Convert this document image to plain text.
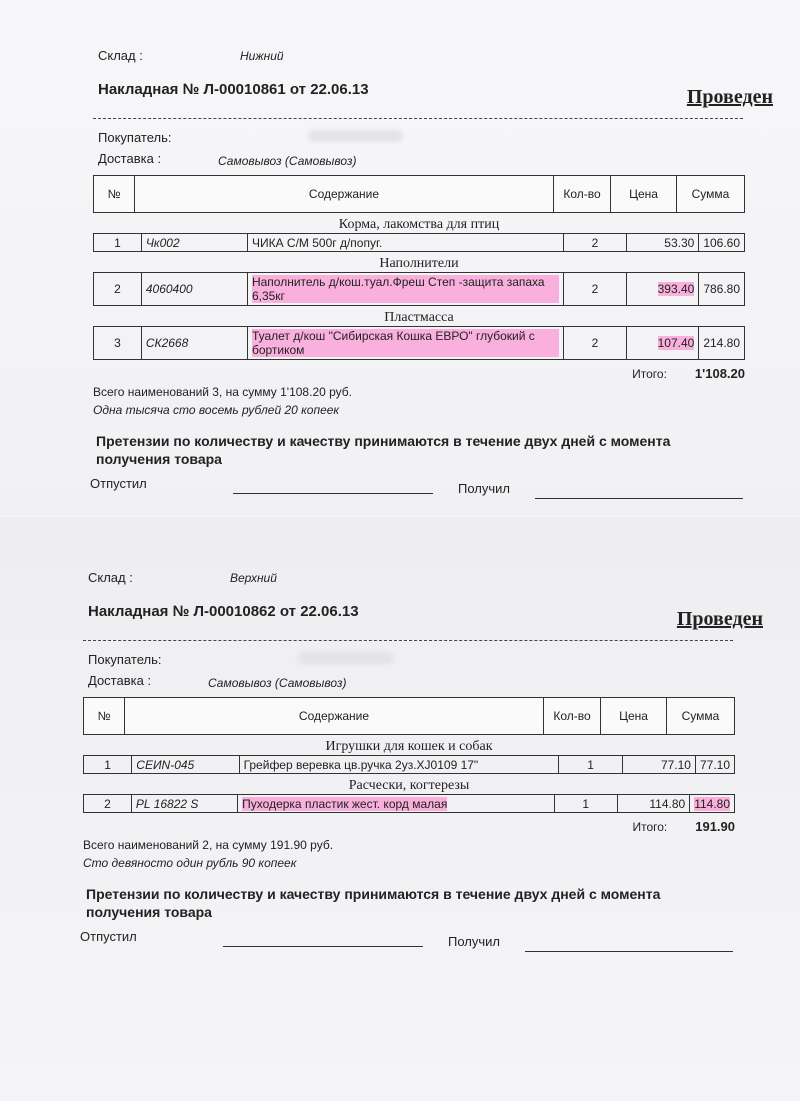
Склад :	Нижний
Накладная № Л-00010861 от 22.06.13	Проведен
Покупатель:
Доставка :	Самовывоз (Самовывоз)
№	Содержание	Кол-во	Цена	Сумма
Корма, лакомства для птиц
1 Чк002	ЧИКА С/М 500г д/попуг.	2	53.30 106.60
Наполнители
2 4060400	Наполнитель д/кош.туал.Фреш Степ -защита запаха 6,35кг	2	393.40 786.80
Пластмасса
3 СК2668	Туалет д/кош "Сибирская Кошка ЕВРО" глубокий с бортиком	2	107.40 214.80
Итого: 1'108.20
Всего наименований 3, на сумму 1'108.20 руб.
Одна тысяча сто восемь рублей 20 копеек
Претензии по количеству и качеству принимаются в течение двух дней с момента получения товара
Отпустил	Получил
Склад :	Верхний
Накладная № Л-00010862 от 22.06.13	Проведен
Покупатель:
Доставка :	Самовывоз (Самовывоз)
№	Содержание	Кол-во	Цена	Сумма
Игрушки для кошек и собак
1 СЕИN-045	Грейфер веревка цв.ручка 2уз.XJ0109 17"	1	77.10 77.10
Расчески, когтерезы
2 PL 16822 S	Пуходерка пластик жест. корд малая	1	114.80 114.80
Итого: 191.90
Всего наименований 2, на сумму 191.90 руб.
Сто девяносто один рубль 90 копеек
Претензии по количеству и качеству принимаются в течение двух дней с момента получения товара
Отпустил	Получил
